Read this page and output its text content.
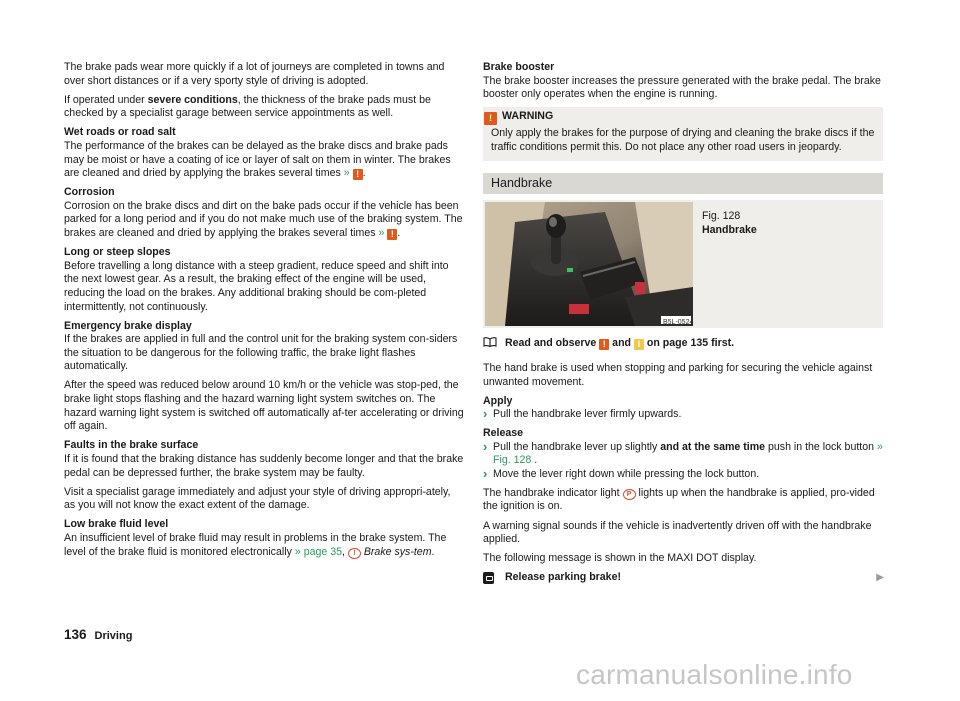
The brake pads wear more quickly if a lot of journeys are completed in towns and over short distances or if a very sporty style of driving is adopted.

If operated under severe conditions, the thickness of the brake pads must be checked by a specialist garage between service appointments as well.

Wet roads or road salt
The performance of the brakes can be delayed as the brake discs and brake pads may be moist or have a coating of ice or layer of salt on them in winter. The brakes are cleaned and dried by applying the brakes several times » ! .

Corrosion
Corrosion on the brake discs and dirt on the bake pads occur if the vehicle has been parked for a long period and if you do not make much use of the braking system. The brakes are cleaned and dried by applying the brakes several times » ! .

Long or steep slopes
Before travelling a long distance with a steep gradient, reduce speed and shift into the next lowest gear. As a result, the braking effect of the engine will be used, reducing the load on the brakes. Any additional braking should be com-pleted intermittently, not continuously.

Emergency brake display
If the brakes are applied in full and the control unit for the braking system con-siders the situation to be dangerous for the following traffic, the brake light flashes automatically.

After the speed was reduced below around 10 km/h or the vehicle was stop-ped, the brake light stops flashing and the hazard warning light system switches on. The hazard warning light system is switched off automatically af-ter accelerating or driving off again.

Faults in the brake surface
If it is found that the braking distance has suddenly become longer and that the brake pedal can be depressed further, the brake system may be faulty.

Visit a specialist garage immediately and adjust your style of driving appropri-ately, as you will not know the exact extent of the damage.

Low brake fluid level
An insufficient level of brake fluid may result in problems in the brake system. The level of the brake fluid is monitored electronically » page 35, ! Brake sys-tem.

Brake booster
The brake booster increases the pressure generated with the brake pedal. The brake booster only operates when the engine is running.

! WARNING
Only apply the brakes for the purpose of drying and cleaning the brake discs if the traffic conditions permit this. Do not place any other road users in jeopardy.
Handbrake
B5L-0524
Fig. 128
Handbrake

Read and observe ! and i on page 135 first.

The hand brake is used when stopping and parking for securing the vehicle against unwanted movement.

Apply
› Pull the handbrake lever firmly upwards.

Release
› Pull the handbrake lever up slightly and at the same time push in the lock button » Fig. 128 .
› Move the lever right down while pressing the lock button.

The handbrake indicator light P lights up when the handbrake is applied, pro-vided the ignition is on.

A warning signal sounds if the vehicle is inadvertently driven off with the handbrake applied.

The following message is shown in the MAXI DOT display.

Release parking brake!	▶
136 Driving
carmanualsonline.info
